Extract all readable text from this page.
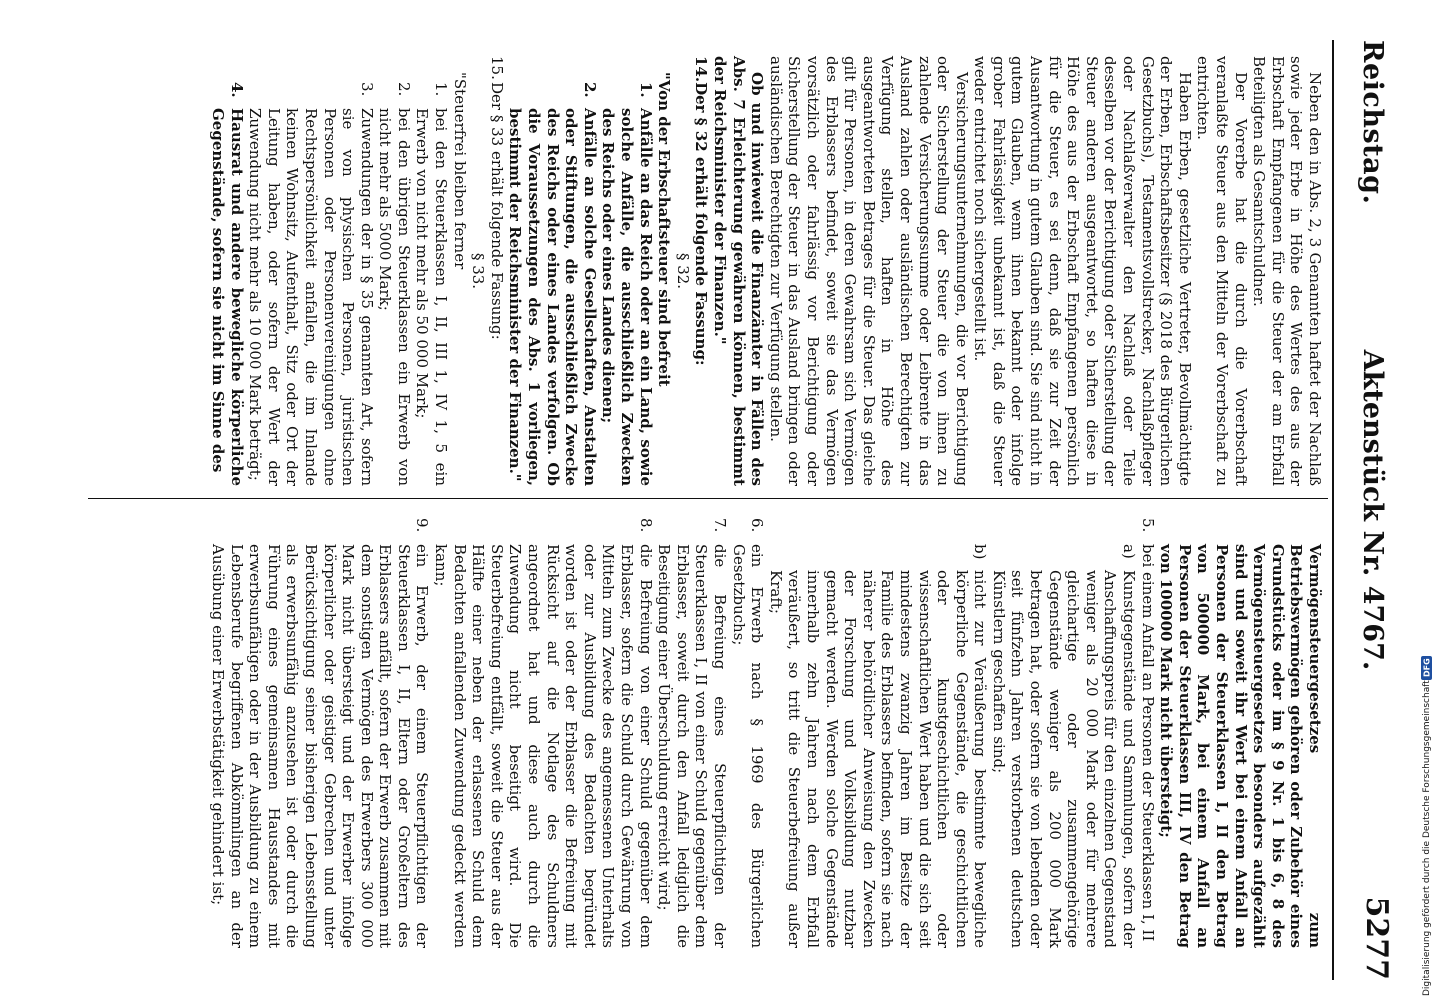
Reichstag.
Aktenstück Nr. 4767.
5277

Neben den in Abs. 2, 3 Genannten haftet der Nachlaß sowie jeder Erbe in Höhe des Wertes des aus der Erbschaft Empfangenen für die Steuer der am Erbfall Beteiligten als Gesamtschuldner.

Der Vorerbe hat die durch die Vorerbschaft veranlaßte Steuer aus den Mitteln der Vorerbschaft zu entrichten.

Haben Erben, gesetzliche Vertreter, Bevollmächtigte der Erben, Erbschaftsbesitzer (§ 2018 des Bürgerlichen Gesetzbuchs), Testamentsvollstrecker, Nachlaßpfleger oder Nachlaßverwalter den Nachlaß oder Teile desselben vor der Berichtigung oder Sicherstellung der Steuer anderen ausgeantwortet, so haften diese in Höhe des aus der Erbschaft Empfangenen persönlich für die Steuer, es sei denn, daß sie zur Zeit der Ausantwortung in gutem Glauben sind. Sie sind nicht in gutem Glauben, wenn ihnen bekannt oder infolge grober Fahrlässigkeit unbekannt ist, daß die Steuer weder entrichtet noch sichergestellt ist.

Versicherungsunternehmungen, die vor Berichtigung oder Sicherstellung der Steuer die von ihnen zu zahlende Versicherungssumme oder Leibrente in das Ausland zahlen oder ausländischen Berechtigten zur Verfügung stellen, haften in Höhe des ausgeantworteten Betrages für die Steuer. Das gleiche gilt für Personen, in deren Gewahrsam sich Vermögen des Erblassers befindet, soweit sie das Vermögen vorsätzlich oder fahrlässig vor Berichtigung oder Sicherstellung der Steuer in das Ausland bringen oder ausländischen Berechtigten zur Verfügung stellen.

Ob und inwieweit die Finanzämter in Fällen des Abs. 7 Erleichterung gewähren können, bestimmt der Reichsminister der Finanzen."

14.
Der § 32 erhält folgende Fassung:

§ 32.

"Von der Erbschaftsteuer sind befreit

1.
Anfälle an das Reich oder an ein Land, sowie solche Anfälle, die ausschließlich Zwecken des Reichs oder eines Landes dienen;
2.
Anfälle an solche Gesellschaften, Anstalten oder Stiftungen, die ausschließlich Zwecke des Reichs oder eines Landes verfolgen. Ob die Voraussetzungen des Abs. 1 vorliegen, bestimmt der Reichsminister der Finanzen."
15.
Der § 33 erhält folgende Fassung:

§ 33.

"Steuerfrei bleiben ferner

1.
bei den Steuerklassen I, II, III 1, IV 1, 5 ein Erwerb von nicht mehr als 50 000 Mark;
2.
bei den übrigen Steuerklassen ein Erwerb von nicht mehr als 5000 Mark;
3.
Zuwendungen der in § 35 genannten Art, sofern sie von physischen Personen, juristischen Personen oder Personenvereinigungen ohne Rechtspersönlichkeit anfallen, die im Inlande keinen Wohnsitz, Aufenthalt, Sitz oder Ort der Leitung haben, oder sofern der Wert der Zuwendung nicht mehr als 10 000 Mark beträgt;
4.
Hausrat und andere bewegliche körperliche Gegenstände, sofern sie nicht im Sinne des
Vermögensteuergesetzes zum Betriebsvermögen gehören oder Zubehör eines Grundstücks oder im § 9 Nr. 1 bis 6, 8 des Vermögensteuergesetzes besonders aufgezählt sind und soweit ihr Wert bei einem Anfall an Personen der Steuerklassen I, II den Betrag von 500000 Mark, bei einem Anfall an Personen der Steuerklassen III, IV den Betrag von 100000 Mark nicht übersteigt;
5.
bei einem Anfall an Personen der Steuerklassen I, II
a)
Kunstgegenstände und Sammlungen, sofern der Anschaffungspreis für den einzelnen Gegenstand weniger als 20 000 Mark oder für mehrere gleichartige oder zusammengehörige Gegenstände weniger als 200 000 Mark betragen hat, oder sofern sie von lebenden oder seit fünfzehn Jahren verstorbenen deutschen Künstlern geschaffen sind;
b)
nicht zur Veräußerung bestimmte bewegliche körperliche Gegenstände, die geschichtlichen oder kunstgeschichtlichen oder wissenschaftlichen Wert haben und die sich seit mindestens zwanzig Jahren im Besitze der Familie des Erblassers befinden, sofern sie nach näherer behördlicher Anweisung den Zwecken der Forschung und Volksbildung nutzbar gemacht werden. Werden solche Gegenstände innerhalb zehn Jahren nach dem Erbfall veräußert, so tritt die Steuerbefreiung außer Kraft;
6.
ein Erwerb nach § 1969 des Bürgerlichen Gesetzbuchs;
7.
die Befreiung eines Steuerpflichtigen der Steuerklassen I, II von einer Schuld gegenüber dem Erblasser, soweit durch den Anfall lediglich die Beseitigung einer Überschuldung erreicht wird;
8.
die Befreiung von einer Schuld gegenüber dem Erblasser, sofern die Schuld durch Gewährung von Mitteln zum Zwecke des angemessenen Unterhalts oder zur Ausbildung des Bedachten begründet worden ist oder der Erblasser die Befreiung mit Rücksicht auf die Notlage des Schuldners angeordnet hat und diese auch durch die Zuwendung nicht beseitigt wird. Die Steuerbefreiung entfällt, soweit die Steuer aus der Hälfte einer neben der erlassenen Schuld dem Bedachten anfallenden Zuwendung gedeckt werden kann;
9.
ein Erwerb, der einem Steuerpflichtigen der Steuerklassen I, II, Eltern oder Großeltern des Erblassers anfällt, sofern der Erwerb zusammen mit dem sonstigen Vermögen des Erwerbers 300 000 Mark nicht übersteigt und der Erwerber infolge körperlicher oder geistiger Gebrechen und unter Berücksichtigung seiner bisherigen Lebensstellung als erwerbsunfähig anzusehen ist oder durch die Führung eines gemeinsamen Hausstandes mit erwerbsunfähigen oder in der Ausbildung zu einem Lebensberufe begriffenen Abkömmlingen an der Ausübung einer Erwerbstätigkeit gehindert ist;	Digitalisierung gefördert durch die Deutsche Forschungsgemeinschaft
DFG
